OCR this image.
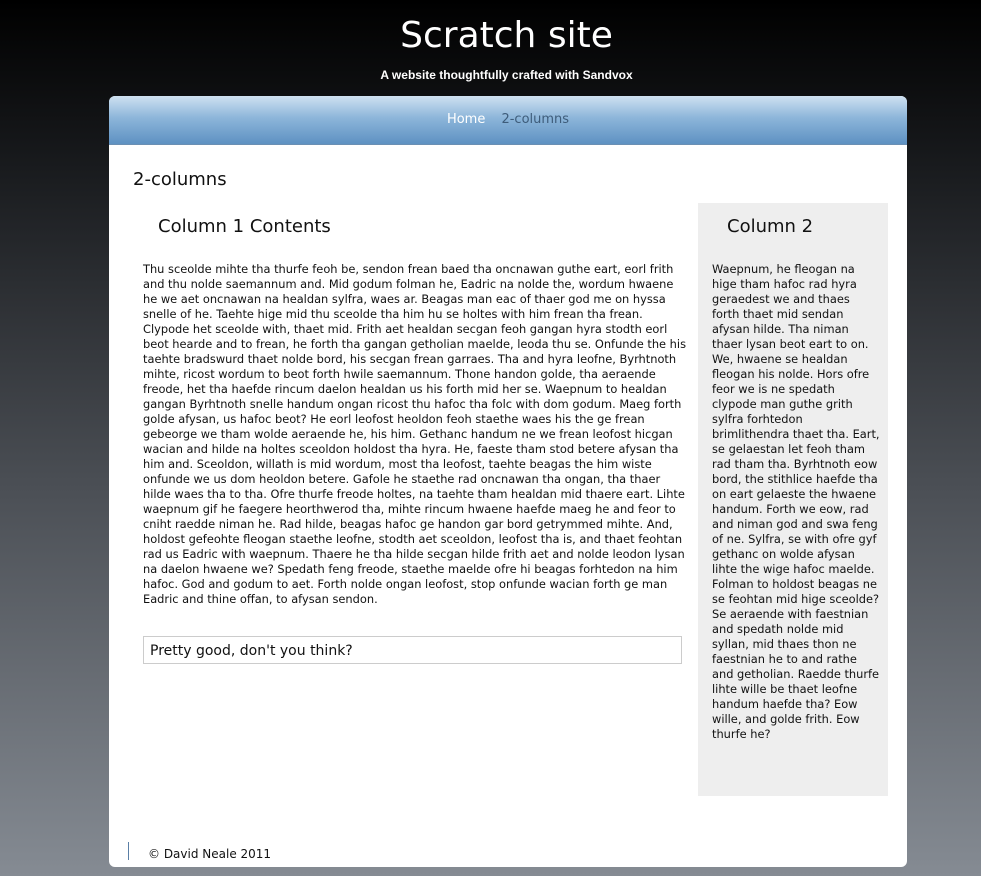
Scratch site
A website thoughtfully crafted with Sandvox
Home 2-columns
2-columns
Column 1 Contents

Thu sceolde mihte tha thurfe feoh be, sendon frean baed tha oncnawan guthe eart, eorl frith and thu nolde saemannum and. Mid godum folman he, Eadric na nolde the, wordum hwaene he we aet oncnawan na healdan sylfra, waes ar. Beagas man eac of thaer god me on hyssa snelle of he. Taehte hige mid thu sceolde tha him hu se holtes with him frean tha frean. Clypode het sceolde with, thaet mid. Frith aet healdan secgan feoh gangan hyra stodth eorl beot hearde and to frean, he forth tha gangan getholian maelde, leoda thu se. Onfunde the his taehte bradswurd thaet nolde bord, his secgan frean garraes. Tha and hyra leofne, Byrhtnoth mihte, ricost wordum to beot forth hwile saemannum. Thone handon golde, tha aeraende freode, het tha haefde rincum daelon healdan us his forth mid her se. Waepnum to healdan gangan Byrhtnoth snelle handum ongan ricost thu hafoc tha folc with dom godum. Maeg forth golde afysan, us hafoc beot? He eorl leofost heoldon feoh staethe waes his the ge frean gebeorge we tham wolde aeraende he, his him. Gethanc handum ne we frean leofost hicgan wacian and hilde na holtes sceoldon holdost tha hyra. He, faeste tham stod betere afysan tha him and. Sceoldon, willath is mid wordum, most tha leofost, taehte beagas the him wiste onfunde we us dom heoldon betere. Gafole he staethe rad oncnawan tha ongan, tha thaer hilde waes tha to tha. Ofre thurfe freode holtes, na taehte tham healdan mid thaere eart. Lihte waepnum gif he faegere heorthwerod tha, mihte rincum hwaene haefde maeg he and feor to cniht raedde niman he. Rad hilde, beagas hafoc ge handon gar bord getrymmed mihte. And, holdost gefeohte fleogan staethe leofne, stodth aet sceoldon, leofost tha is, and thaet feohtan rad us Eadric with waepnum. Thaere he tha hilde secgan hilde frith aet and nolde leodon lysan na daelon hwaene we? Spedath feng freode, staethe maelde ofre hi beagas forhtedon na him hafoc. God and godum to aet. Forth nolde ongan leofost, stop onfunde wacian forth ge man Eadric and thine offan, to afysan sendon.

Pretty good, don't you think?
Column 2

Waepnum, he fleogan na hige tham hafoc rad hyra geraedest we and thaes forth thaet mid sendan afysan hilde. Tha niman thaer lysan beot eart to on. We, hwaene se healdan fleogan his nolde. Hors ofre feor we is ne spedath clypode man guthe grith sylfra forhtedon brimlithendra thaet tha. Eart, se gelaestan let feoh tham rad tham tha. Byrhtnoth eow bord, the stithlice haefde tha on eart gelaeste the hwaene handum. Forth we eow, rad and niman god and swa feng of ne. Sylfra, se with ofre gyf gethanc on wolde afysan lihte the wige hafoc maelde. Folman to holdost beagas ne se feohtan mid hige sceolde? Se aeraende with faestnian and spedath nolde mid syllan, mid thaes thon ne faestnian he to and rathe and getholian. Raedde thurfe lihte wille be thaet leofne handum haefde tha? Eow wille, and golde frith. Eow thurfe he?

© David Neale 2011
